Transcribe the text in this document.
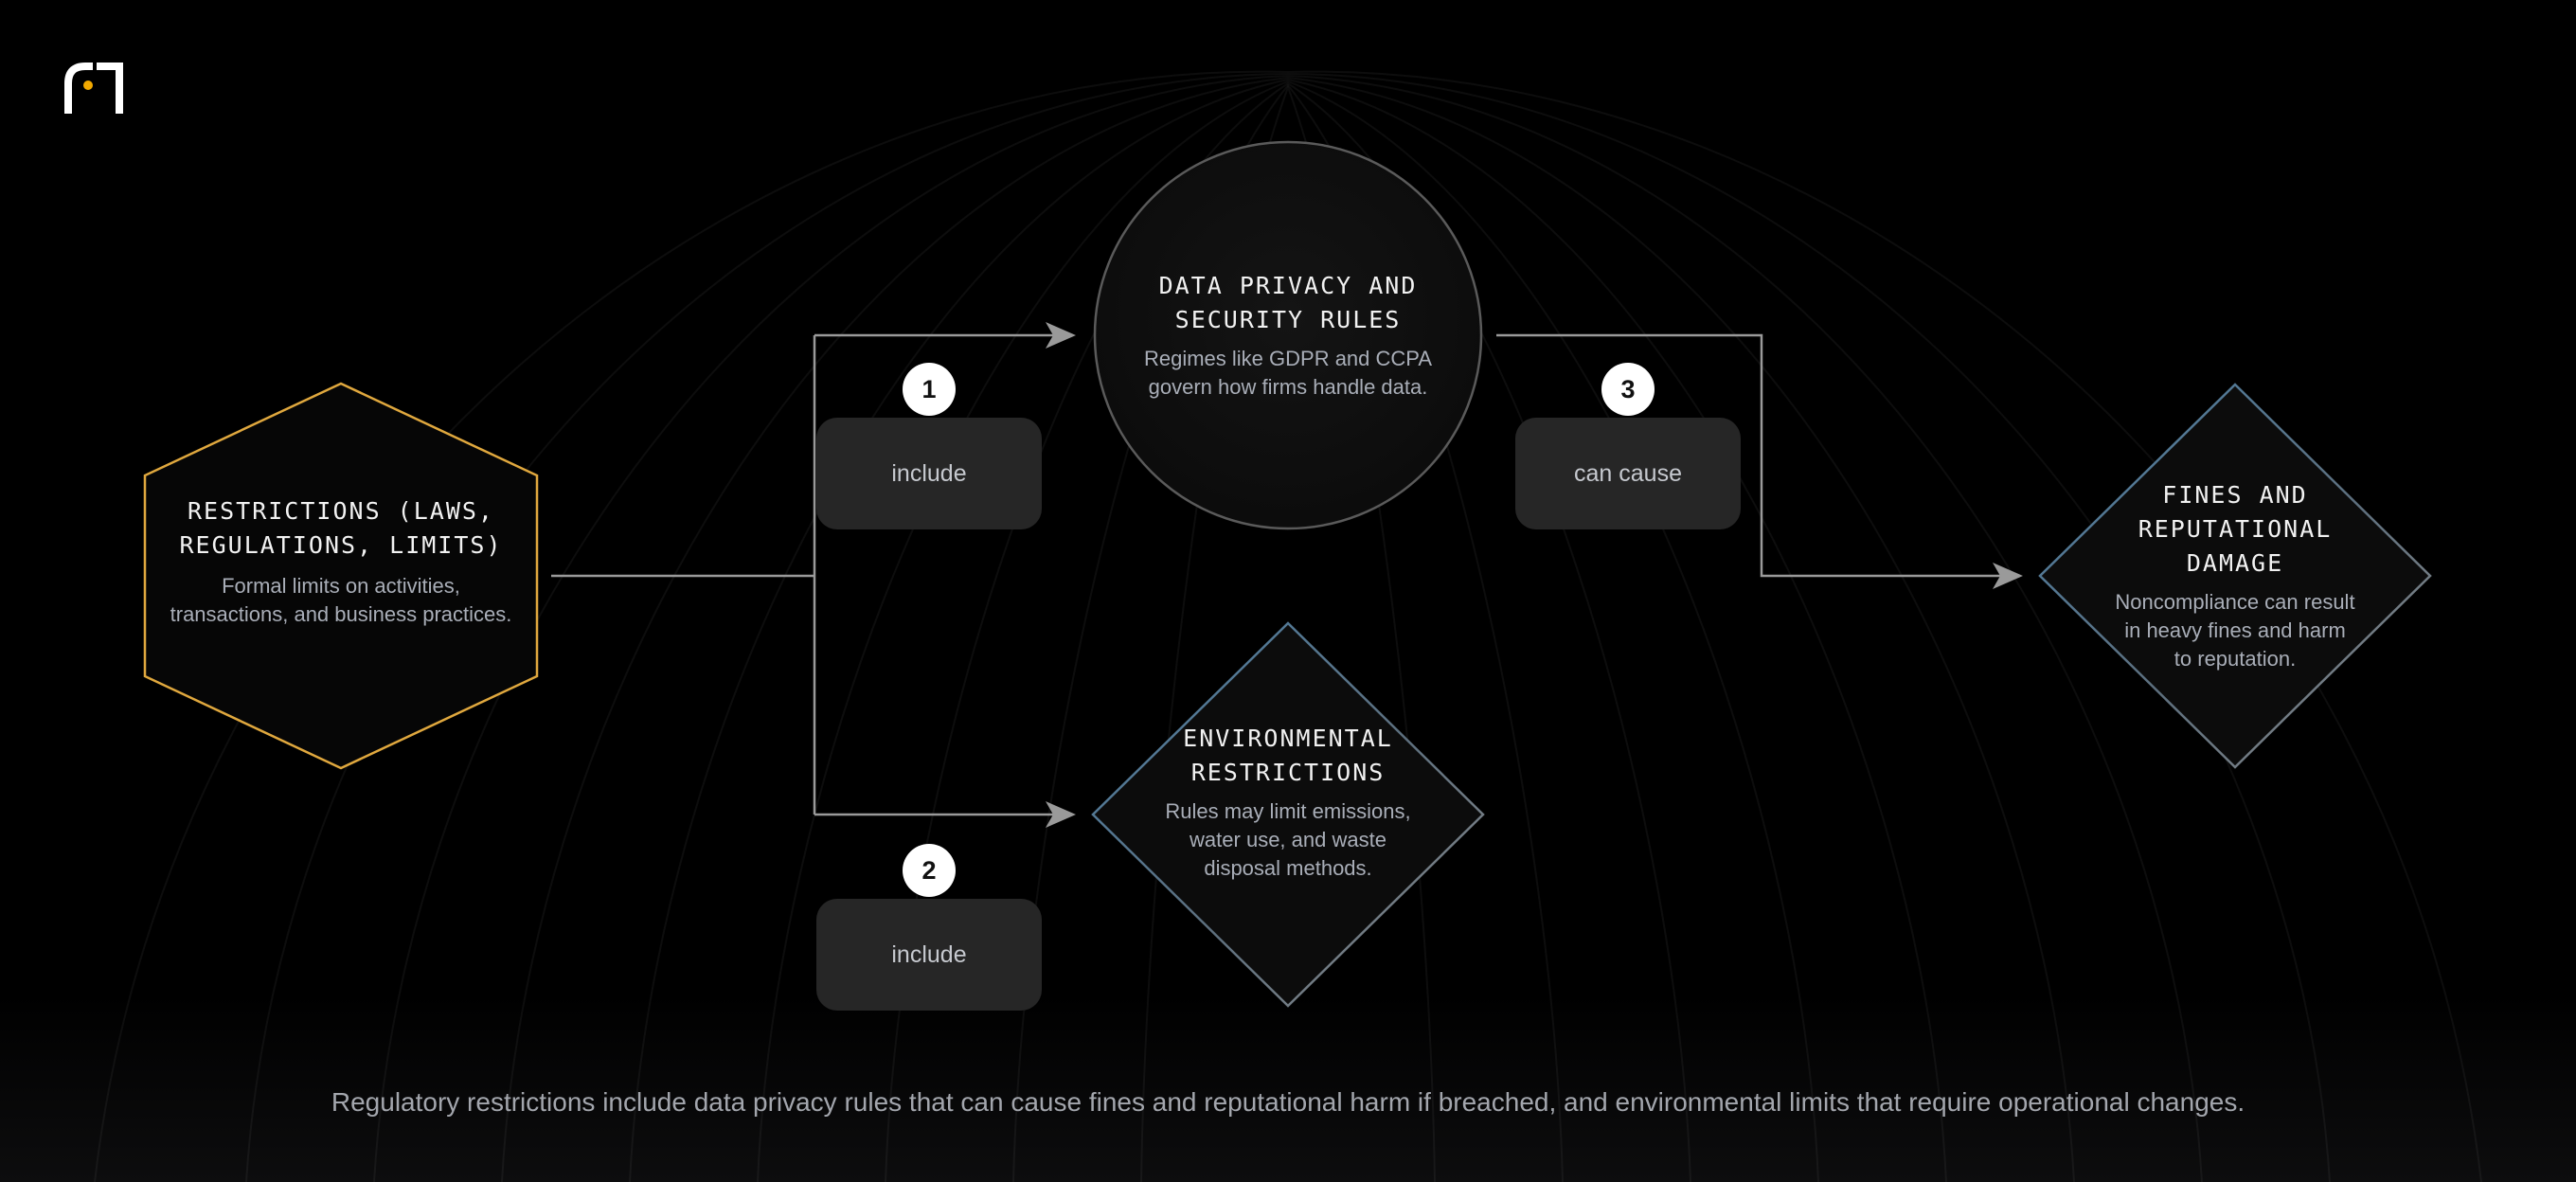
RESTRICTIONS (LAWS, REGULATIONS, LIMITS)
Formal limits on activities, transactions, and business practices.
DATA PRIVACY AND SECURITY RULES
Regimes like GDPR and CCPA govern how firms handle data.
ENVIRONMENTAL RESTRICTIONS
Rules may limit emissions, water use, and waste disposal methods.
FINES AND REPUTATIONAL DAMAGE
Noncompliance can result in heavy fines and harm to reputation.
include
1
include
2
can cause
3
Regulatory restrictions include data privacy rules that can cause fines and reputational harm if breached, and environmental limits that require operational changes.
